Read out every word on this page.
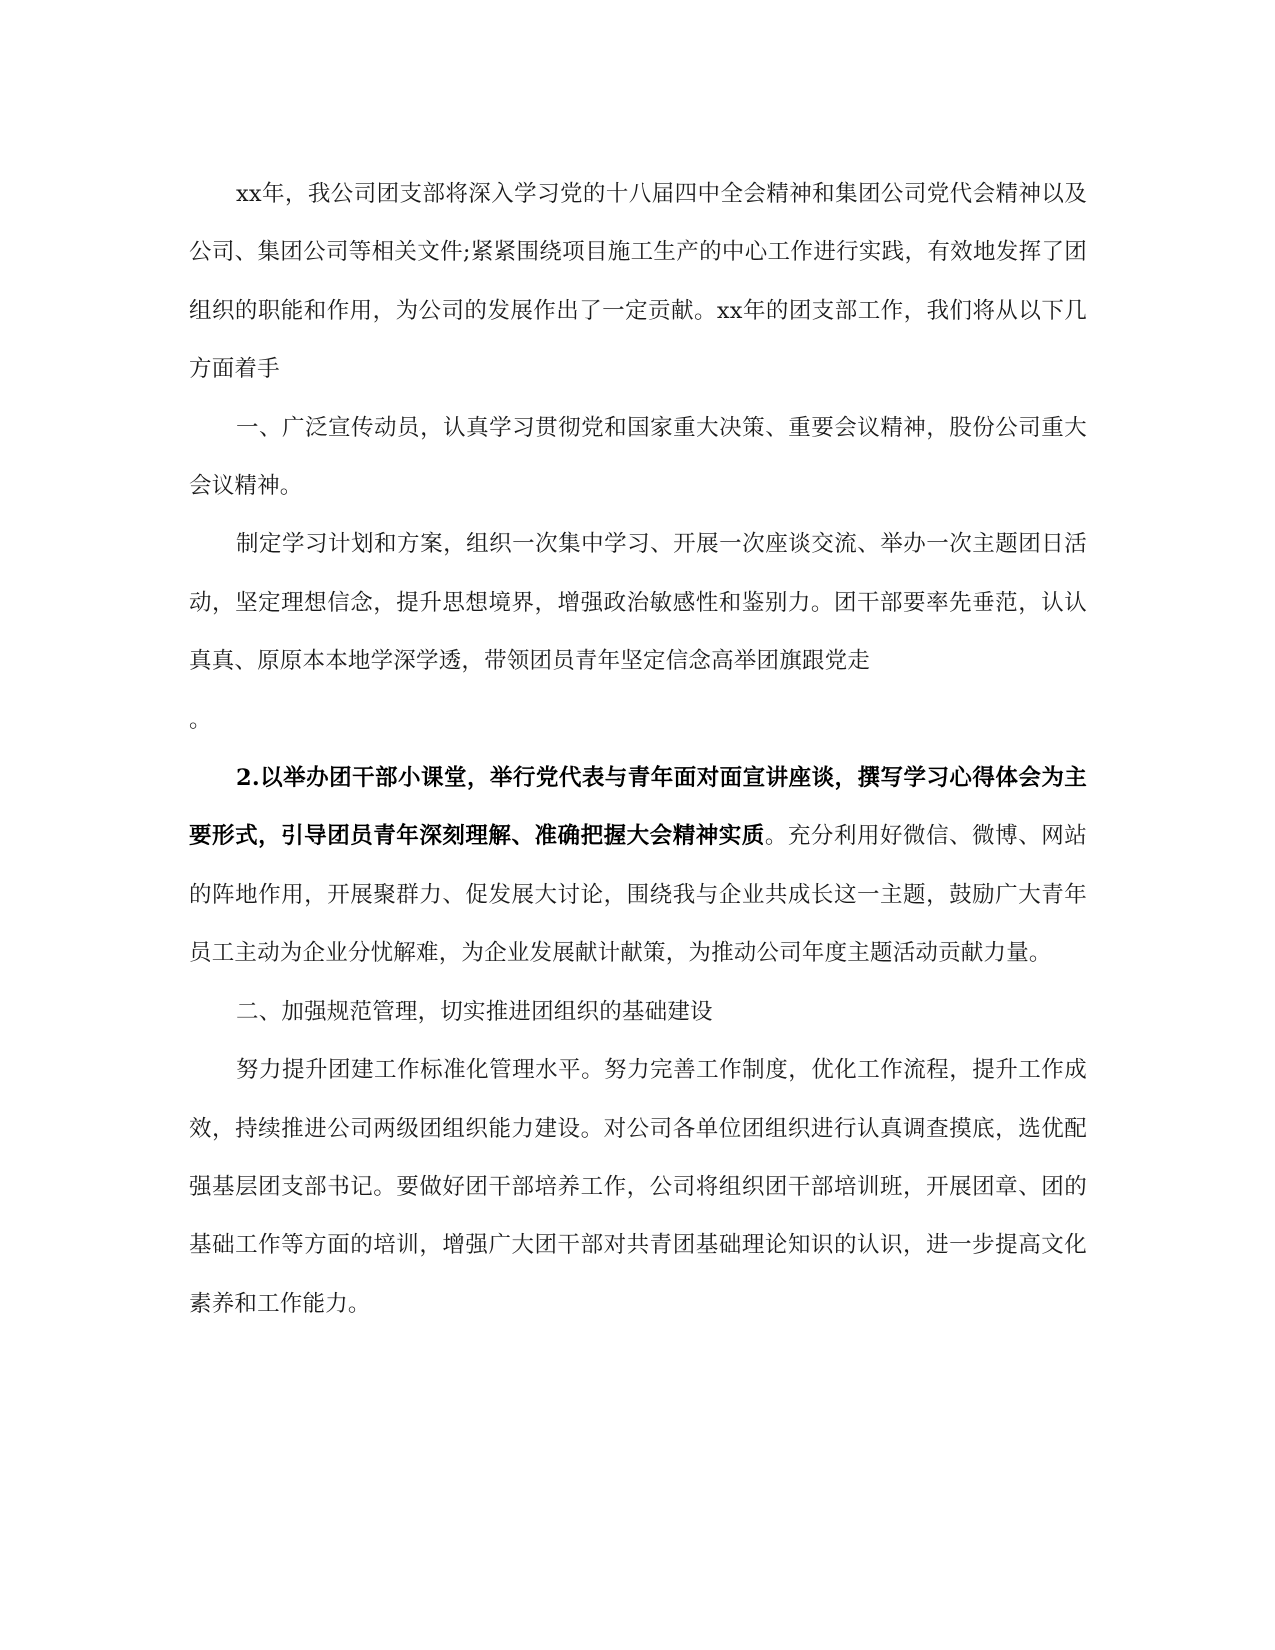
xx年，我公司团支部将深入学习党的十八届四中全会精神和集团公司党代会精神以及公司、集团公司等相关文件;紧紧围绕项目施工生产的中心工作进行实践，有效地发挥了团组织的职能和作用，为公司的发展作出了一定贡献。xx年的团支部工作，我们将从以下几方面着手

一、广泛宣传动员，认真学习贯彻党和国家重大决策、重要会议精神，股份公司重大会议精神。

制定学习计划和方案，组织一次集中学习、开展一次座谈交流、举办一次主题团日活动，坚定理想信念，提升思想境界，增强政治敏感性和鉴别力。团干部要率先垂范，认认真真、原原本本地学深学透，带领团员青年坚定信念高举团旗跟党走

。

2.以举办团干部小课堂，举行党代表与青年面对面宣讲座谈，撰写学习心得体会为主要形式，引导团员青年深刻理解、准确把握大会精神实质。充分利用好微信、微博、网站的阵地作用，开展聚群力、促发展大讨论，围绕我与企业共成长这一主题，鼓励广大青年员工主动为企业分忧解难，为企业发展献计献策，为推动公司年度主题活动贡献力量。

二、加强规范管理，切实推进团组织的基础建设

努力提升团建工作标准化管理水平。努力完善工作制度，优化工作流程，提升工作成效，持续推进公司两级团组织能力建设。对公司各单位团组织进行认真调查摸底，选优配强基层团支部书记。要做好团干部培养工作，公司将组织团干部培训班，开展团章、团的基础工作等方面的培训，增强广大团干部对共青团基础理论知识的认识，进一步提高文化素养和工作能力。
